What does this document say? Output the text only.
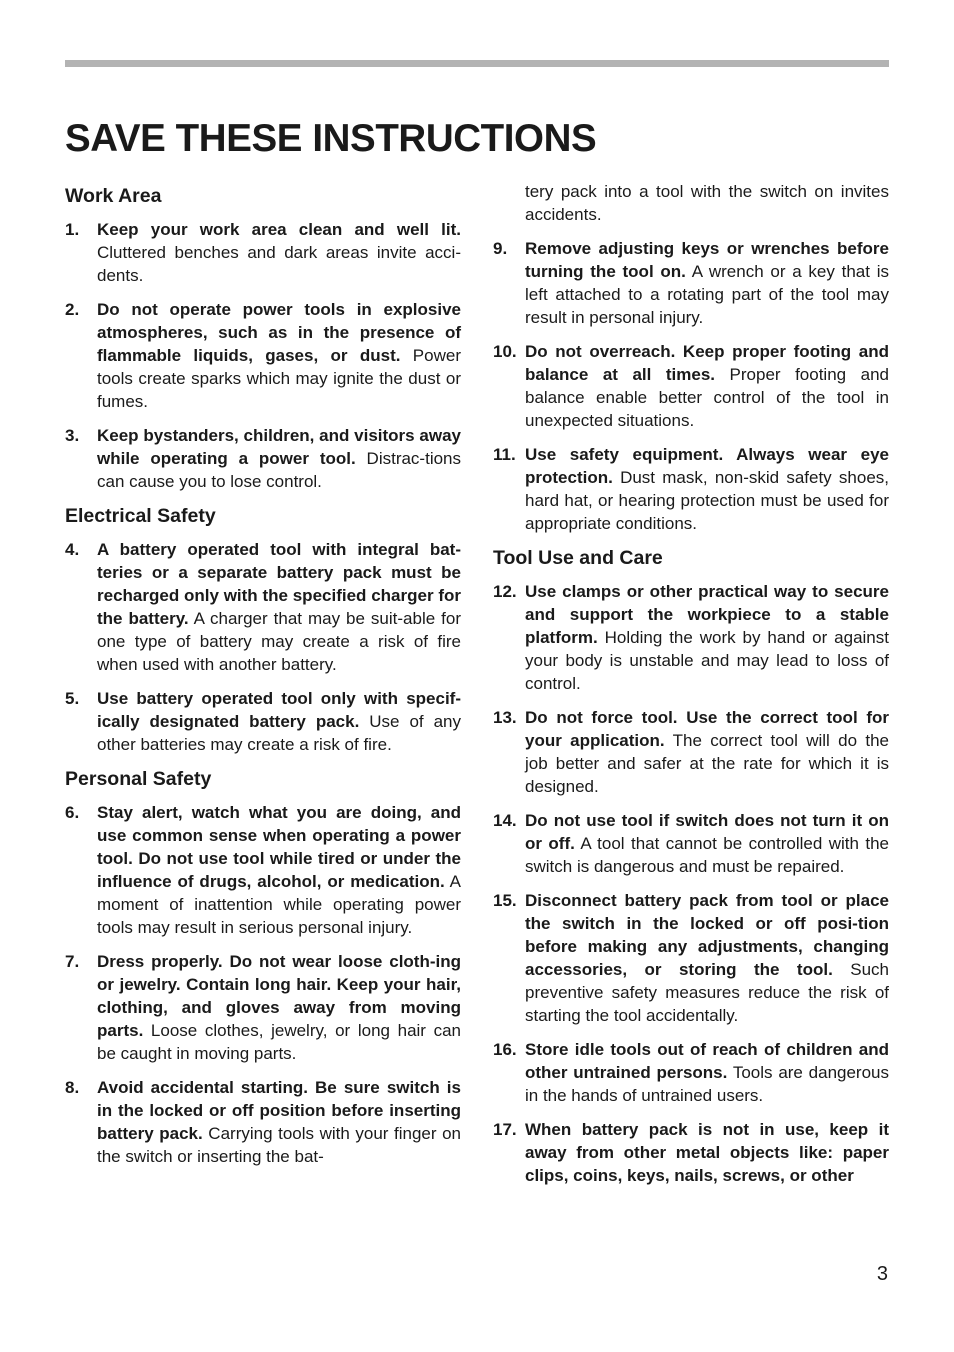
SAVE THESE INSTRUCTIONS
Work Area
1. Keep your work area clean and well lit. Cluttered benches and dark areas invite acci-dents.
2. Do not operate power tools in explosive atmospheres, such as in the presence of flammable liquids, gases, or dust. Power tools create sparks which may ignite the dust or fumes.
3. Keep bystanders, children, and visitors away while operating a power tool. Distrac-tions can cause you to lose control.
Electrical Safety
4. A battery operated tool with integral bat-teries or a separate battery pack must be recharged only with the specified charger for the battery. A charger that may be suit-able for one type of battery may create a risk of fire when used with another battery.
5. Use battery operated tool only with specif-ically designated battery pack. Use of any other batteries may create a risk of fire.
Personal Safety
6. Stay alert, watch what you are doing, and use common sense when operating a power tool. Do not use tool while tired or under the influence of drugs, alcohol, or medication. A moment of inattention while operating power tools may result in serious personal injury.
7. Dress properly. Do not wear loose cloth-ing or jewelry. Contain long hair. Keep your hair, clothing, and gloves away from moving parts. Loose clothes, jewelry, or long hair can be caught in moving parts.
8. Avoid accidental starting. Be sure switch is in the locked or off position before inserting battery pack. Carrying tools with your finger on the switch or inserting the bat-

tery pack into a tool with the switch on invites accidents.

9. Remove adjusting keys or wrenches before turning the tool on. A wrench or a key that is left attached to a rotating part of the tool may result in personal injury.
10. Do not overreach. Keep proper footing and balance at all times. Proper footing and balance enable better control of the tool in unexpected situations.
11. Use safety equipment. Always wear eye protection. Dust mask, non-skid safety shoes, hard hat, or hearing protection must be used for appropriate conditions.
Tool Use and Care
12. Use clamps or other practical way to secure and support the workpiece to a stable platform. Holding the work by hand or against your body is unstable and may lead to loss of control.
13. Do not force tool. Use the correct tool for your application. The correct tool will do the job better and safer at the rate for which it is designed.
14. Do not use tool if switch does not turn it on or off. A tool that cannot be controlled with the switch is dangerous and must be repaired.
15. Disconnect battery pack from tool or place the switch in the locked or off posi-tion before making any adjustments, changing accessories, or storing the tool. Such preventive safety measures reduce the risk of starting the tool accidentally.
16. Store idle tools out of reach of children and other untrained persons. Tools are dangerous in the hands of untrained users.
17. When battery pack is not in use, keep it away from other metal objects like: paper clips, coins, keys, nails, screws, or other
3
